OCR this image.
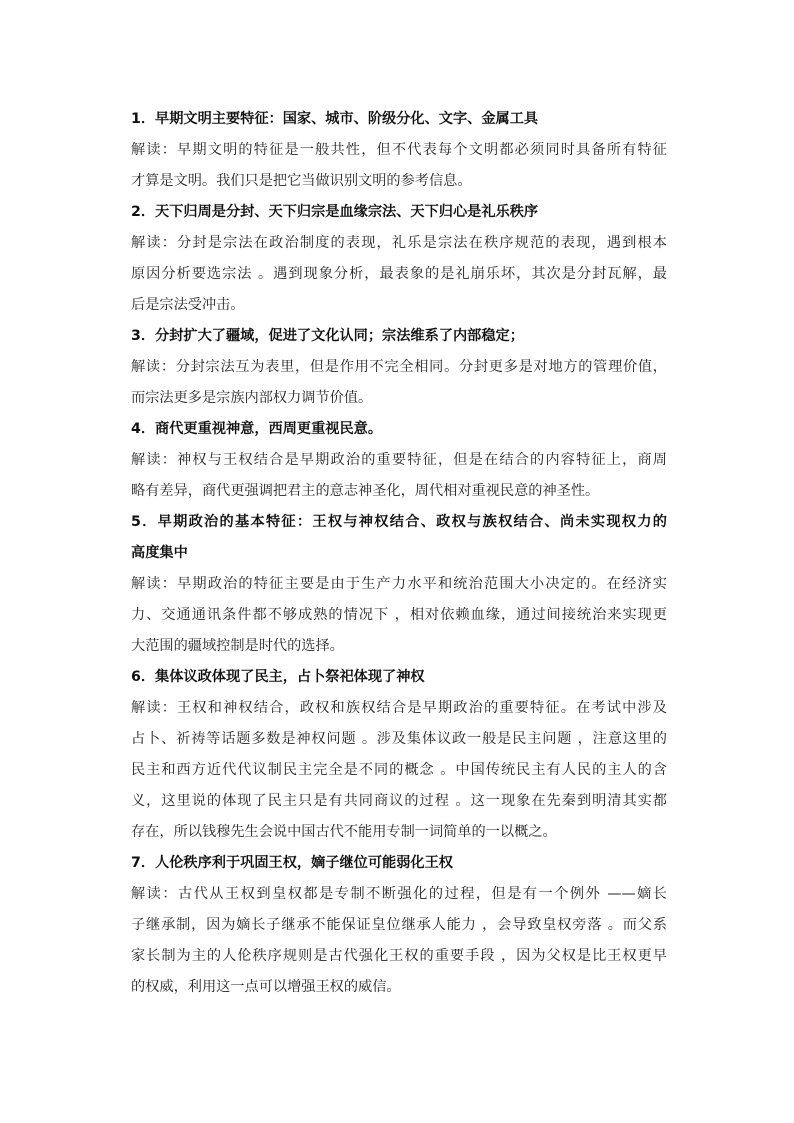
1．早期文明主要特征：国家、城市、阶级分化、文字、金属工具
解读：早期文明的特征是一般共性，但不代表每个文明都必须同时具备所有特征
才算是文明。我们只是把它当做识别文明的参考信息。
2．天下归周是分封、天下归宗是血缘宗法、天下归心是礼乐秩序
解读：分封是宗法在政治制度的表现，礼乐是宗法在秩序规范的表现，遇到根本
原因分析要选宗法 。遇到现象分析，最表象的是礼崩乐坏，其次是分封瓦解，最
后是宗法受冲击。
3．分封扩大了疆域，促进了文化认同；宗法维系了内部稳定；
解读：分封宗法互为表里，但是作用不完全相同。分封更多是对地方的管理价值，
而宗法更多是宗族内部权力调节价值。
4．商代更重视神意，西周更重视民意。
解读：神权与王权结合是早期政治的重要特征，但是在结合的内容特征上，商周
略有差异，商代更强调把君主的意志神圣化，周代相对重视民意的神圣性。
5．早期政治的基本特征：王权与神权结合、政权与族权结合、尚未实现权力的
高度集中
解读：早期政治的特征主要是由于生产力水平和统治范围大小决定的。在经济实
力、交通通讯条件都不够成熟的情况下 ，相对依赖血缘，通过间接统治来实现更
大范围的疆域控制是时代的选择。
6．集体议政体现了民主，占卜祭祀体现了神权
解读：王权和神权结合，政权和族权结合是早期政治的重要特征。在考试中涉及
占卜、祈祷等话题多数是神权问题 。涉及集体议政一般是民主问题 ，注意这里的
民主和西方近代代议制民主完全是不同的概念 。中国传统民主有人民的主人的含
义，这里说的体现了民主只是有共同商议的过程 。这一现象在先秦到明清其实都
存在，所以钱穆先生会说中国古代不能用专制一词简单的一以概之。
7．人伦秩序利于巩固王权，嫡子继位可能弱化王权
解读：古代从王权到皇权都是专制不断强化的过程，但是有一个例外 ——嫡长
子继承制，因为嫡长子继承不能保证皇位继承人能力 ，会导致皇权旁落 。而父系
家长制为主的人伦秩序规则是古代强化王权的重要手段 ，因为父权是比王权更早
的权威，利用这一点可以增强王权的威信。
